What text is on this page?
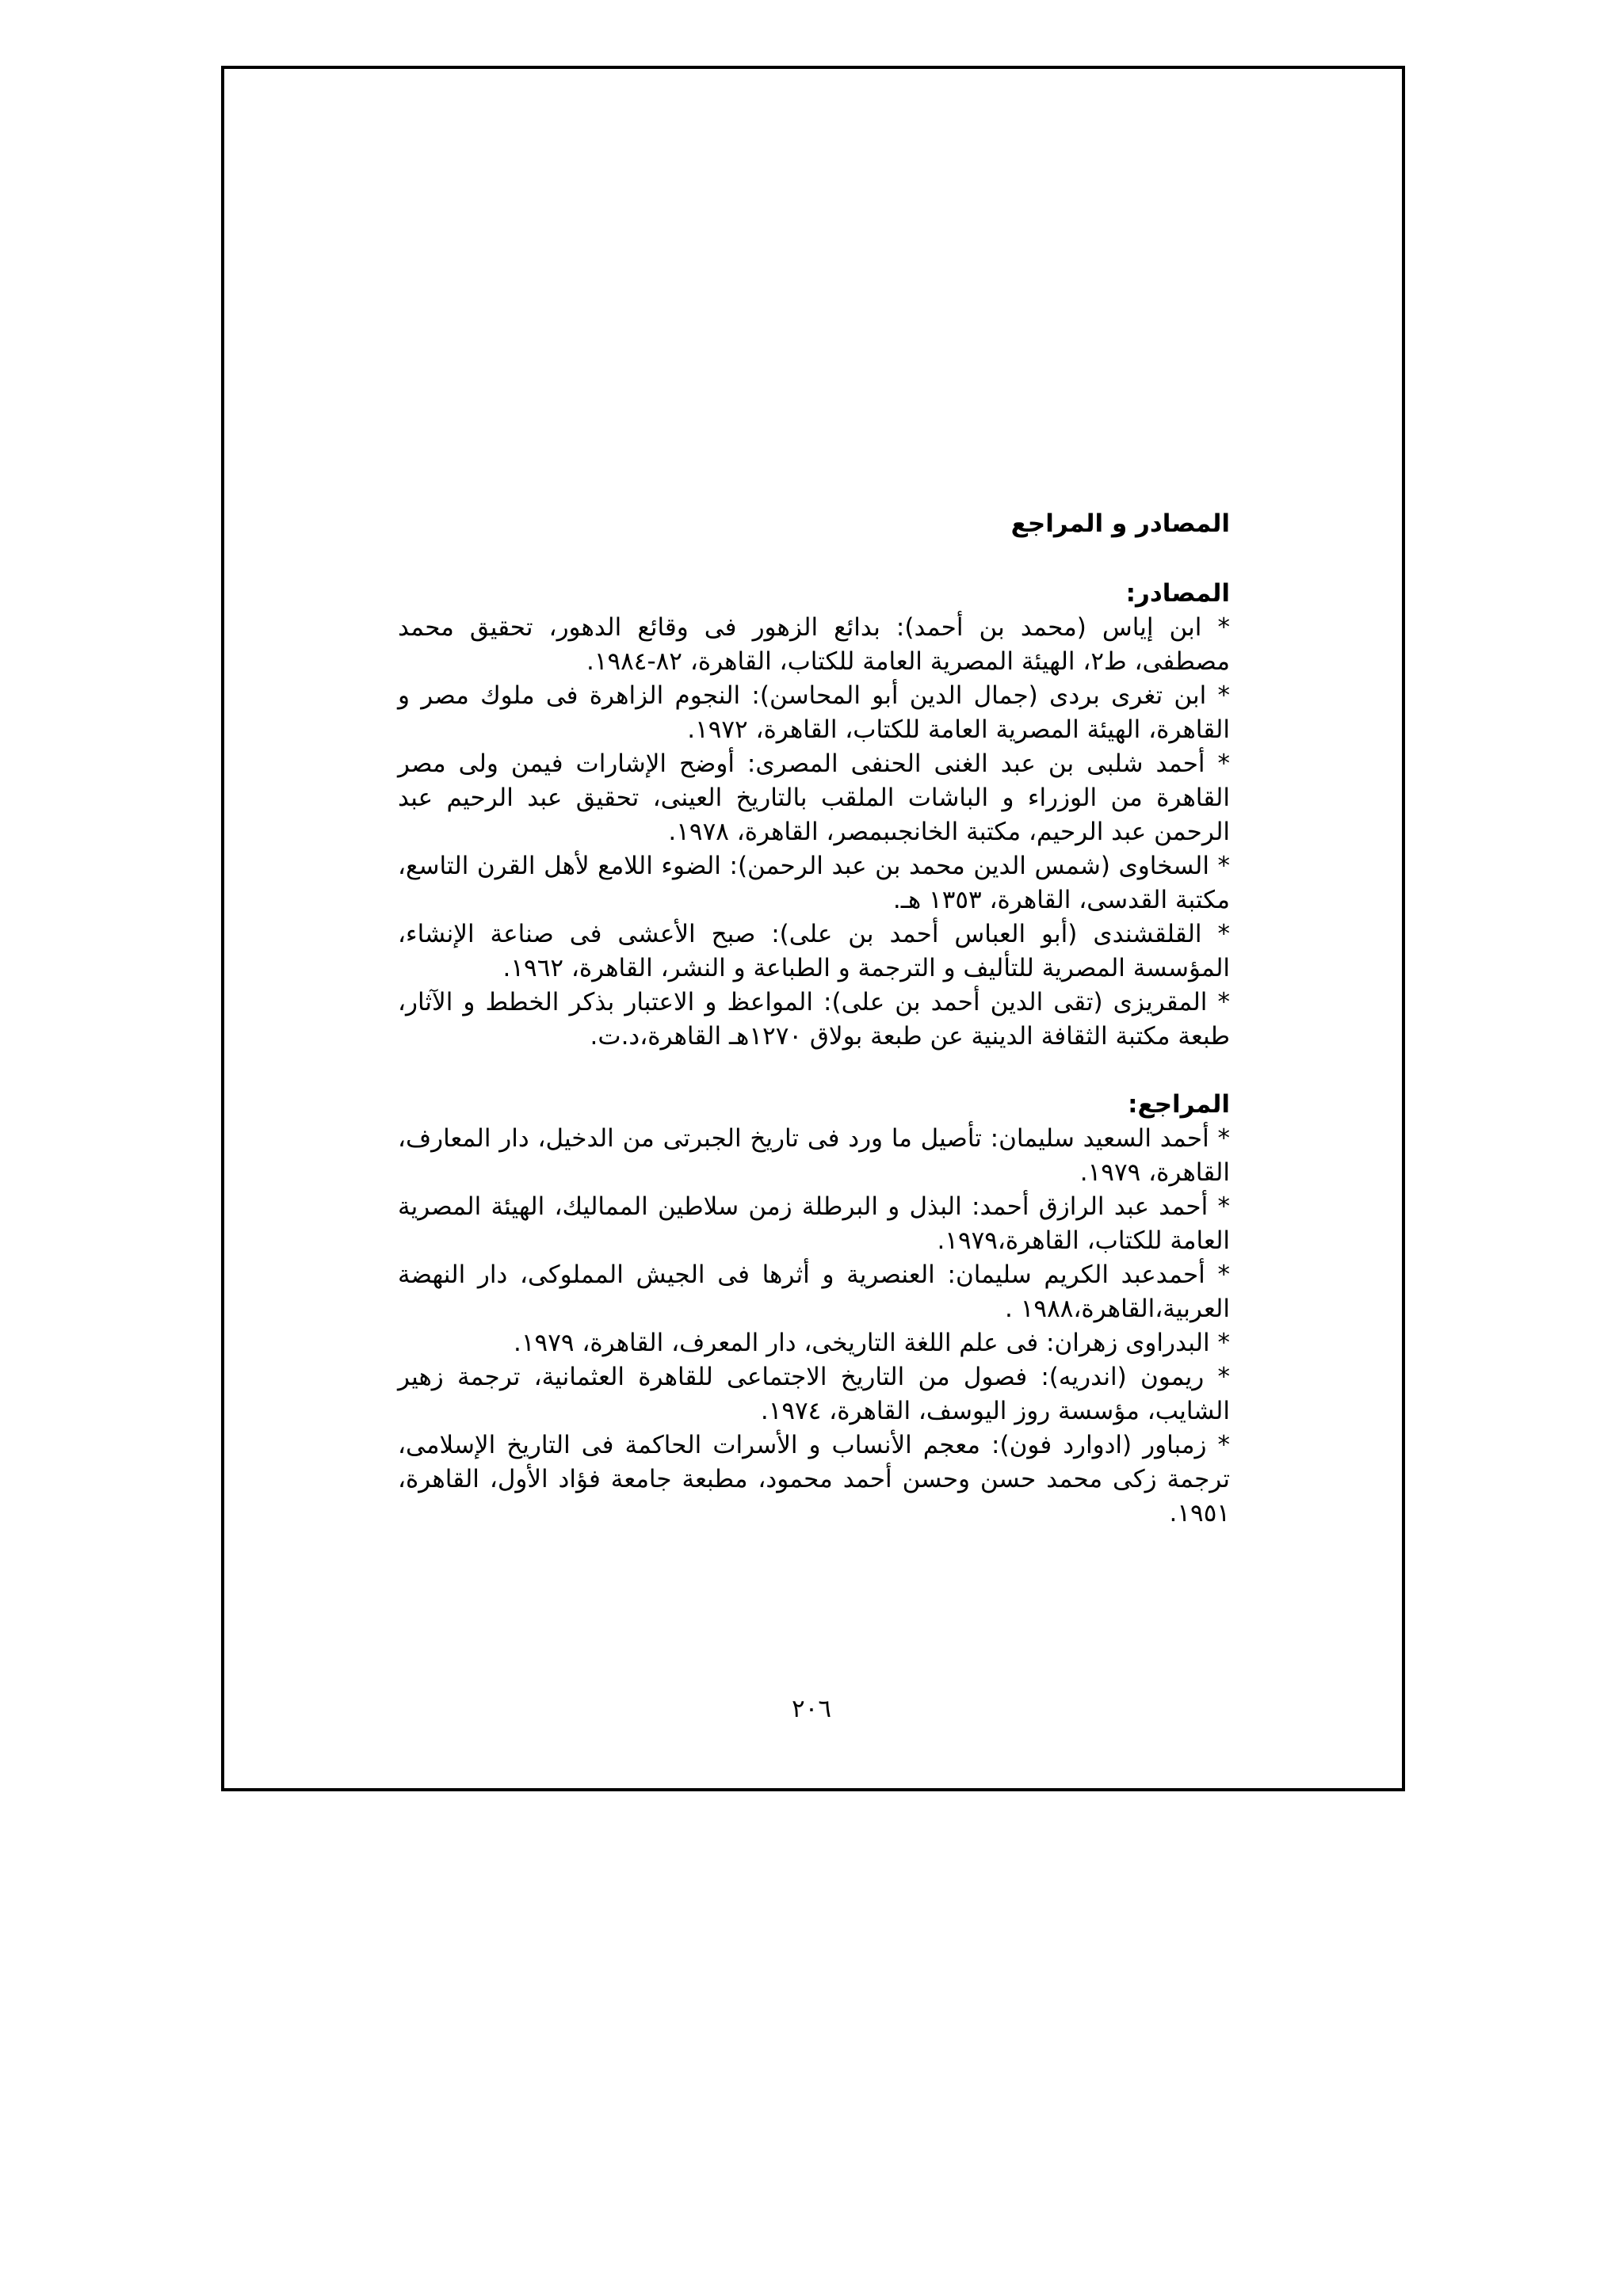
المصادر و المراجع

المصادر:

* ابن إياس (محمد بن أحمد): بدائع الزهور فى وقائع الدهور، تحقيق محمد مصطفى، ط٢، الهيئة المصرية العامة للكتاب، القاهرة، ٨٢-١٩٨٤.

* ابن تغرى بردى (جمال الدين أبو المحاسن): النجوم الزاهرة فى ملوك مصر و القاهرة، الهيئة المصرية العامة للكتاب، القاهرة، ١٩٧٢.

* أحمد شلبى بن عبد الغنى الحنفى المصرى: أوضح الإشارات فيمن ولى مصر القاهرة من الوزراء و الباشات الملقب بالتاريخ العينى، تحقيق عبد الرحيم عبد الرحمن عبد الرحيم، مكتبة الخانجىبمصر، القاهرة، ١٩٧٨.

* السخاوى (شمس الدين محمد بن عبد الرحمن): الضوء اللامع لأهل القرن التاسع، مكتبة القدسى، القاهرة، ١٣٥٣ هـ.

* القلقشندى (أبو العباس أحمد بن على): صبح الأعشى فى صناعة الإنشاء، المؤسسة المصرية للتأليف و الترجمة و الطباعة و النشر، القاهرة، ١٩٦٢.

* المقريزى (تقى الدين أحمد بن على): المواعظ و الاعتبار بذكر الخطط و الآثار، طبعة مكتبة الثقافة الدينية عن طبعة بولاق ١٢٧٠هـ القاهرة،د.ت.

المراجع:

* أحمد السعيد سليمان: تأصيل ما ورد فى تاريخ الجبرتى من الدخيل، دار المعارف، القاهرة، ١٩٧٩.

* أحمد عبد الرازق أحمد: البذل و البرطلة زمن سلاطين المماليك، الهيئة المصرية العامة للكتاب، القاهرة،١٩٧٩.

* أحمدعبد الكريم سليمان: العنصرية و أثرها فى الجيش المملوكى، دار النهضة العربية،القاهرة،١٩٨٨ .

* البدراوى زهران: فى علم اللغة التاريخى، دار المعرف، القاهرة، ١٩٧٩.

* ريمون (اندريه): فصول من التاريخ الاجتماعى للقاهرة العثمانية، ترجمة زهير الشايب، مؤسسة روز اليوسف، القاهرة، ١٩٧٤.

* زمباور (ادوارد فون): معجم الأنساب و الأسرات الحاكمة فى التاريخ الإسلامى، ترجمة زكى محمد حسن وحسن أحمد محمود، مطبعة جامعة فؤاد الأول، القاهرة، ١٩٥١.

٢٠٦
